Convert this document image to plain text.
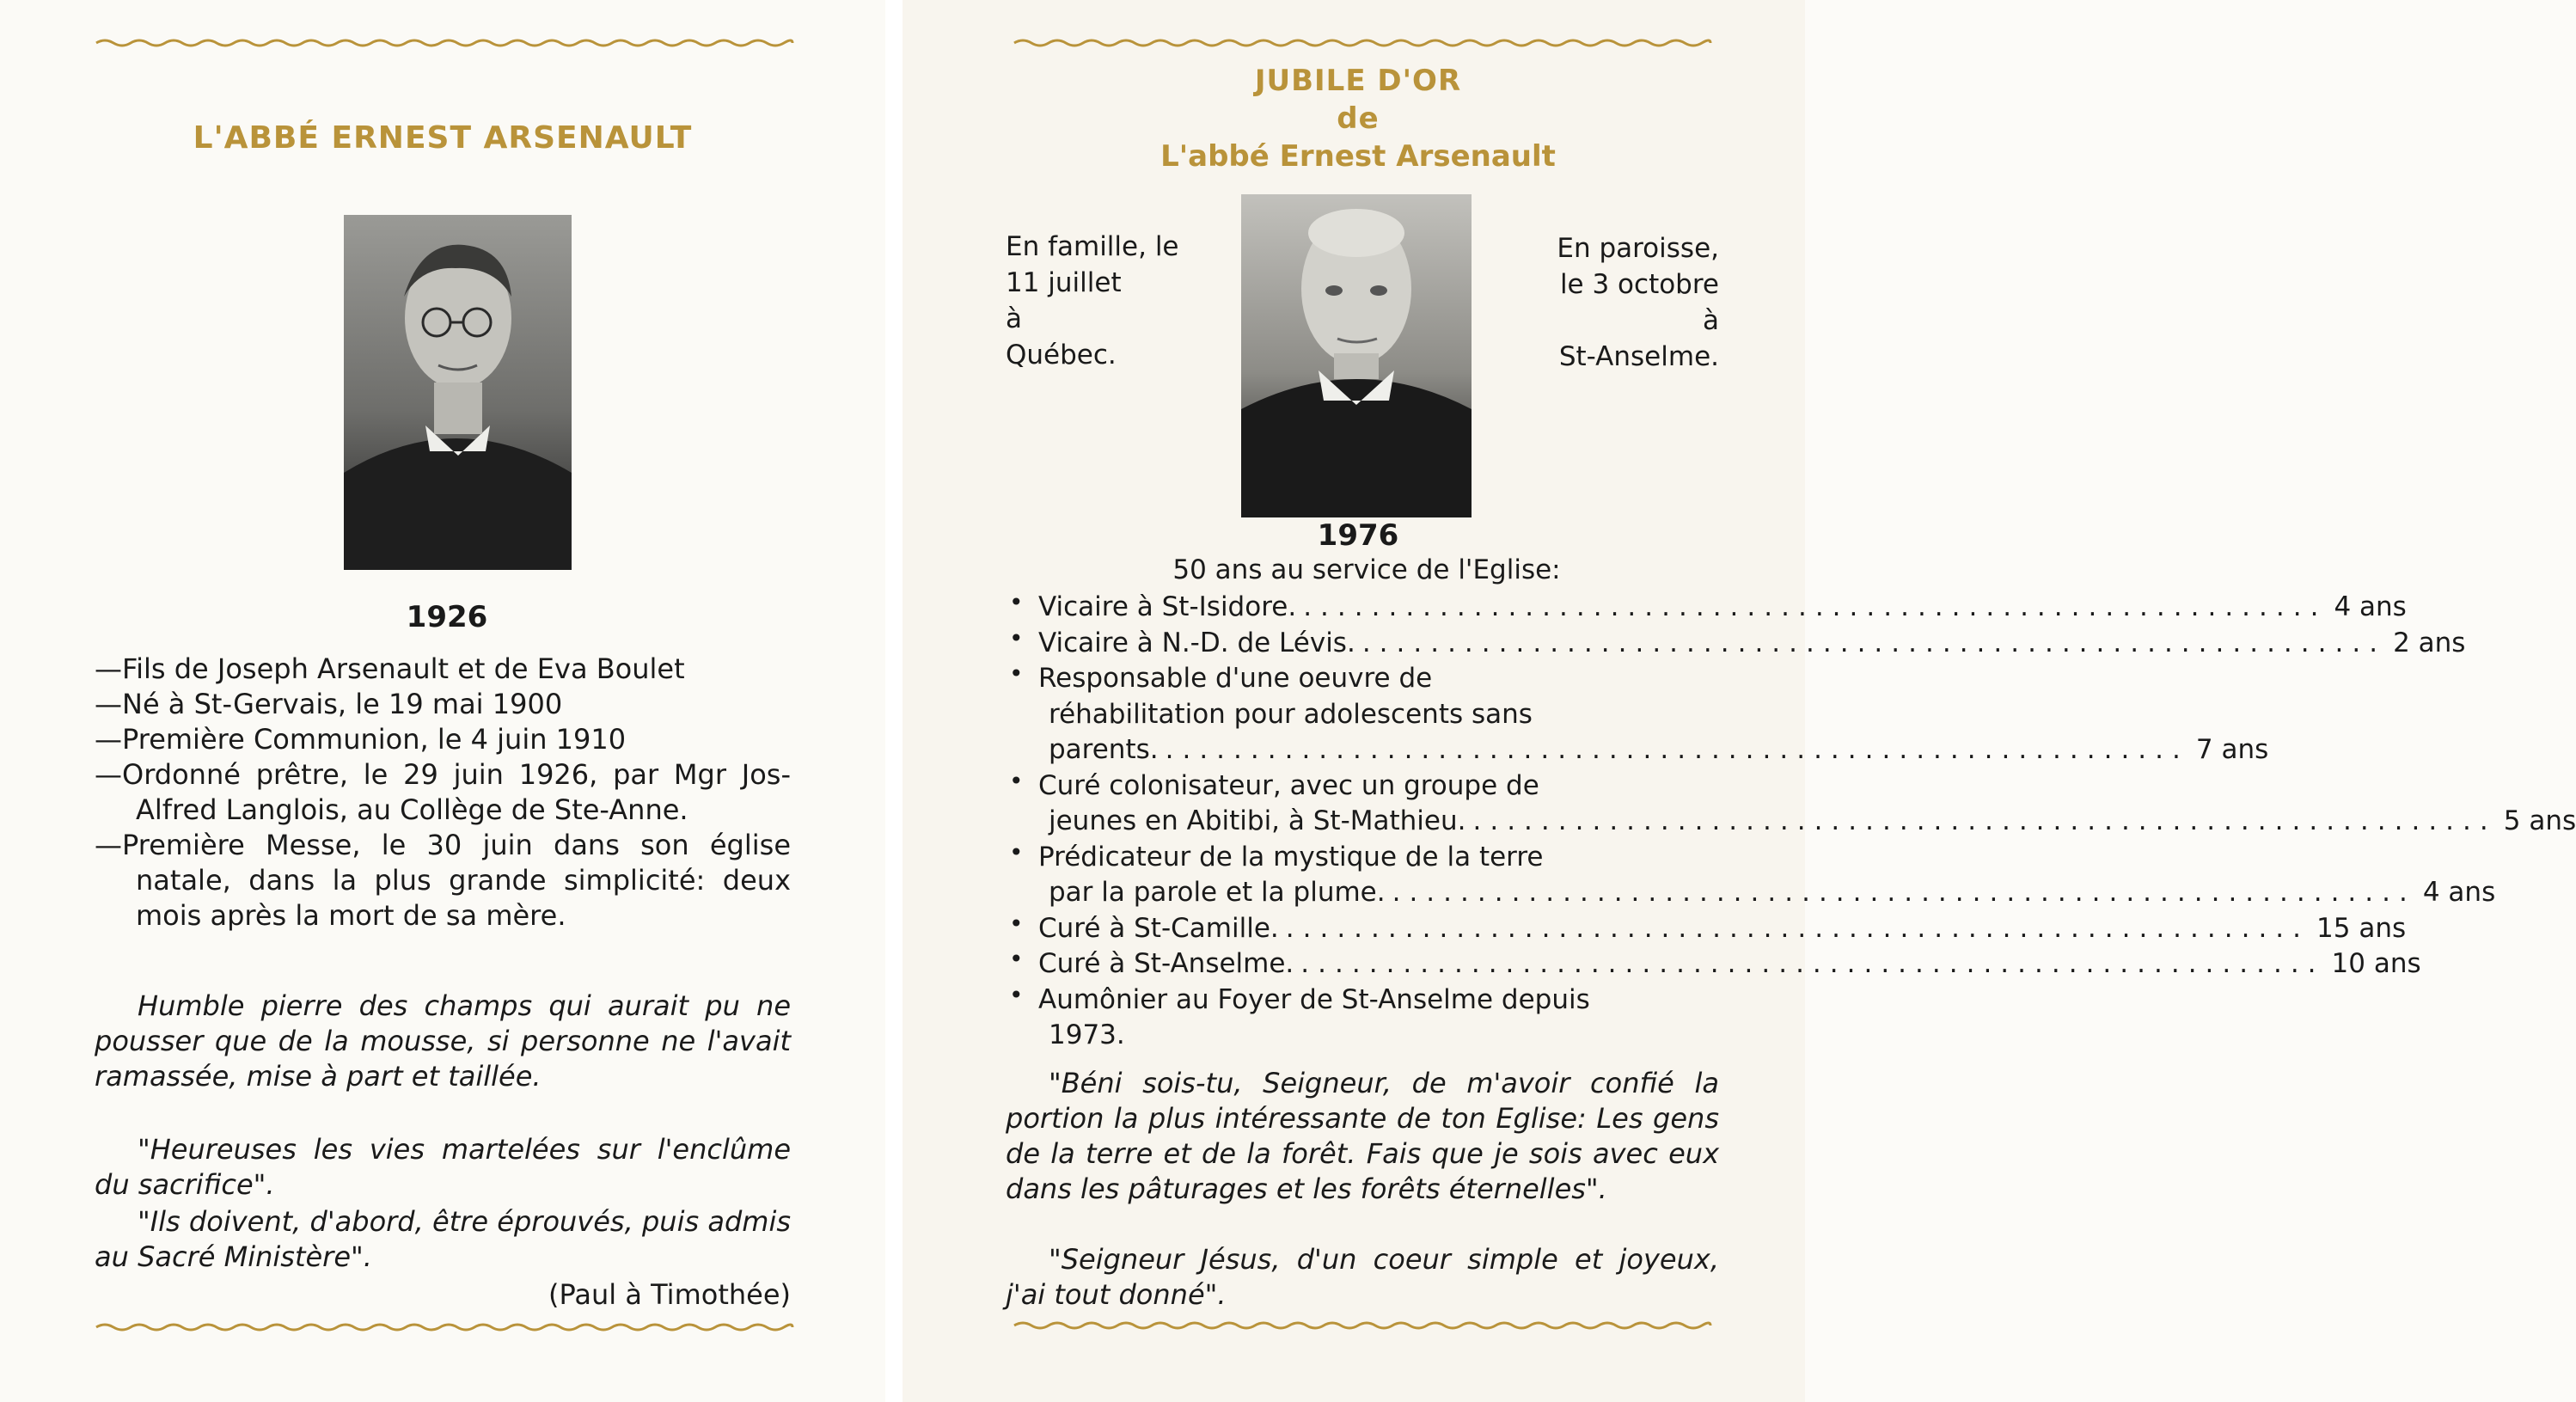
L'ABBÉ ERNEST ARSENAULT
1926
—Fils de Joseph Arsenault et de Eva Boulet
—Né à St-Gervais, le 19 mai 1900
—Première Communion, le 4 juin 1910
—Ordonné prêtre, le 29 juin 1926, par Mgr Jos-Alfred Langlois, au Collège de Ste-Anne.
—Première Messe, le 30 juin dans son église natale, dans la plus grande simplicité: deux mois après la mort de sa mère.
Humble pierre des champs qui aurait pu ne pousser que de la mousse, si personne ne l'avait ramassée, mise à part et taillée.
"Heureuses les vies martelées sur l'enclûme du sacrifice".
"Ils doivent, d'abord, être éprouvés, puis admis au Sacré Ministère".
(Paul à Timothée)
JUBILE D'OR
de
L'abbé Ernest Arsenault
En famille, le
11 juillet
à
Québec.
En paroisse,
le 3 octobre
à
St-Anselme.
1976
50 ans au service de l'Eglise:
• Vicaire à St-Isidore. ............................................................ 4 ans
• Vicaire à N.-D. de Lévis. ............................................................ 2 ans
• Responsable d'une oeuvre de
réhabilitation pour adolescents sans
parents. ............................................................ 7 ans
• Curé colonisateur, avec un groupe de
jeunes en Abitibi, à St-Mathieu. ............................................................ 5 ans
• Prédicateur de la mystique de la terre
par la parole et la plume. ............................................................ 4 ans
• Curé à St-Camille. ............................................................ 15 ans
• Curé à St-Anselme. ............................................................ 10 ans
• Aumônier au Foyer de St-Anselme depuis
1973.
"Béni sois-tu, Seigneur, de m'avoir confié la portion la plus intéressante de ton Eglise: Les gens de la terre et de la forêt. Fais que je sois avec eux dans les pâturages et les forêts éternelles".
"Seigneur Jésus, d'un coeur simple et joyeux, j'ai tout donné".
